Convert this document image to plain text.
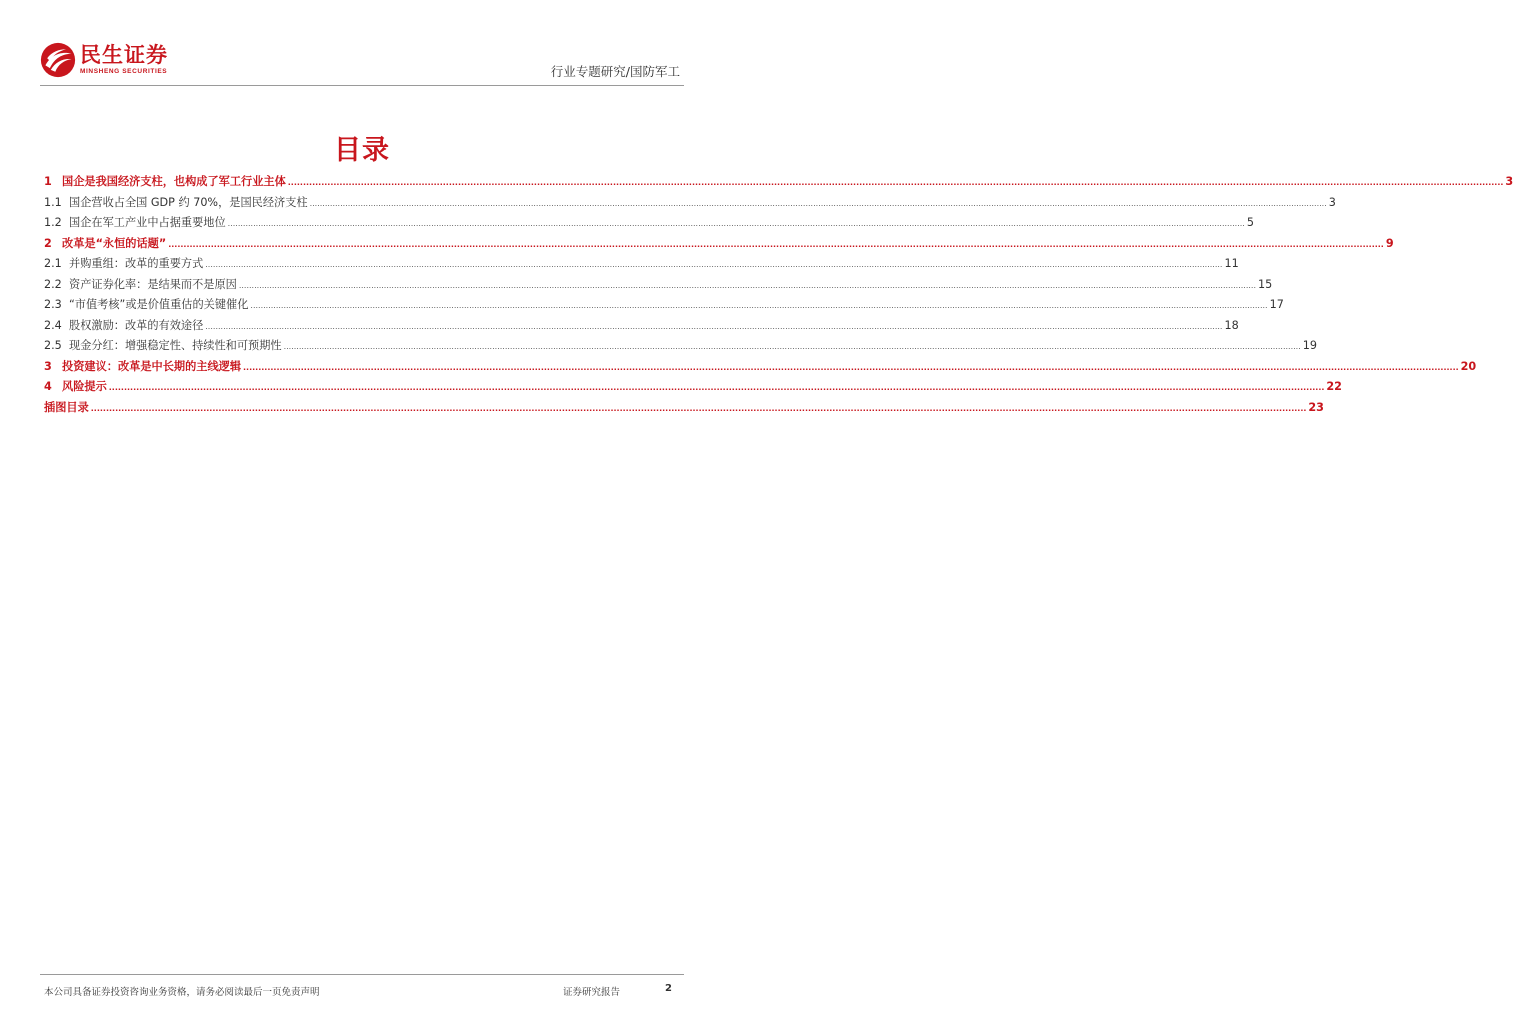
民生证券
MINSHENG SECURITIES	行业专题研究/国防军工
目录
1 国企是我国经济支柱，也构成了军工行业主体 ................................................................................................................................................................................................................................................................................................................................................................................................................ 3
1.1 国企营收占全国 GDP 约 70%，是国民经济支柱 ................................................................................................................................................................................................................................................................................................................................................................................................................ 3
1.2 国企在军工产业中占据重要地位 ................................................................................................................................................................................................................................................................................................................................................................................................................ 5
2 改革是“永恒的话题” ................................................................................................................................................................................................................................................................................................................................................................................................................ 9
2.1 并购重组：改革的重要方式 ................................................................................................................................................................................................................................................................................................................................................................................................................ 11
2.2 资产证券化率：是结果而不是原因 ................................................................................................................................................................................................................................................................................................................................................................................................................ 15
2.3 “市值考核”或是价值重估的关键催化 ................................................................................................................................................................................................................................................................................................................................................................................................................ 17
2.4 股权激励：改革的有效途径 ................................................................................................................................................................................................................................................................................................................................................................................................................ 18
2.5 现金分红：增强稳定性、持续性和可预期性 ................................................................................................................................................................................................................................................................................................................................................................................................................ 19
3 投资建议：改革是中长期的主线逻辑 ................................................................................................................................................................................................................................................................................................................................................................................................................ 20
4 风险提示 ................................................................................................................................................................................................................................................................................................................................................................................................................ 22
插图目录 ................................................................................................................................................................................................................................................................................................................................................................................................................ 23
本公司具备证券投资咨询业务资格，请务必阅读最后一页免责声明	证券研究报告	2
